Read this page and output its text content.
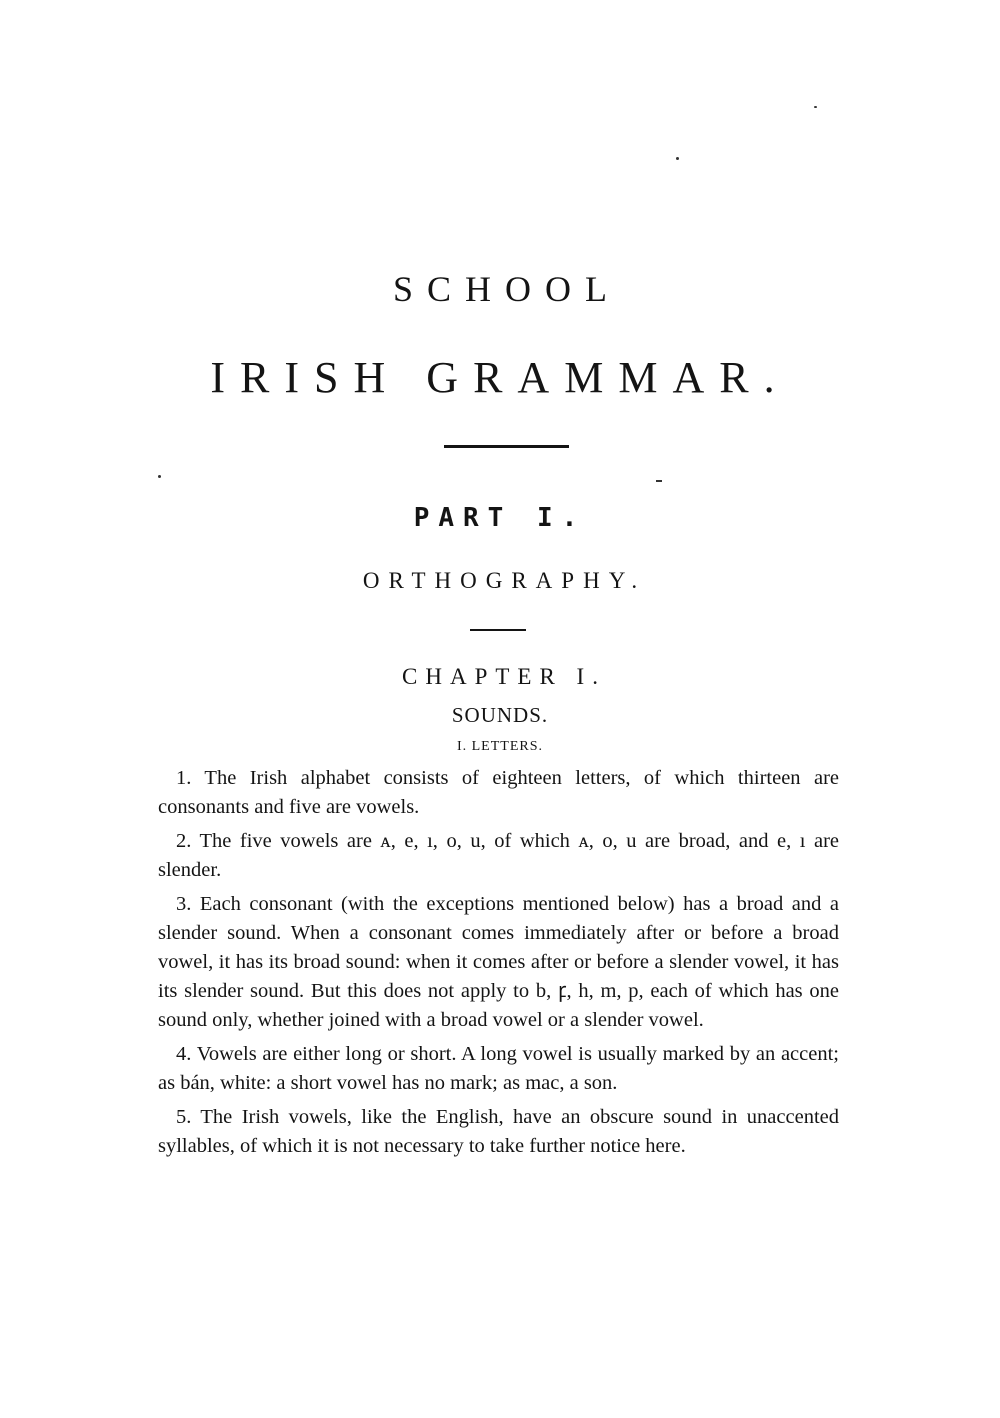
SCHOOL
IRISH GRAMMAR.
PART I.
ORTHOGRAPHY.
CHAPTER I.
SOUNDS.
I. LETTERS.

1. The Irish alphabet consists of eighteen letters, of which thirteen are consonants and five are vowels.

2. The five vowels are ᴀ, e, ı, o, u, of which ᴀ, o, u are broad, and e, ı are slender.

3. Each consonant (with the exceptions mentioned below) has a broad and a slender sound. When a consonant comes immediately after or before a broad vowel, it has its broad sound: when it comes after or before a slender vowel, it has its slender sound. But this does not apply to b, ꝼ, h, m, p, each of which has one sound only, whether joined with a broad vowel or a slender vowel.

4. Vowels are either long or short. A long vowel is usually marked by an accent; as bán, white: a short vowel has no mark; as mac, a son.

5. The Irish vowels, like the English, have an obscure sound in unaccented syllables, of which it is not necessary to take further notice here.
